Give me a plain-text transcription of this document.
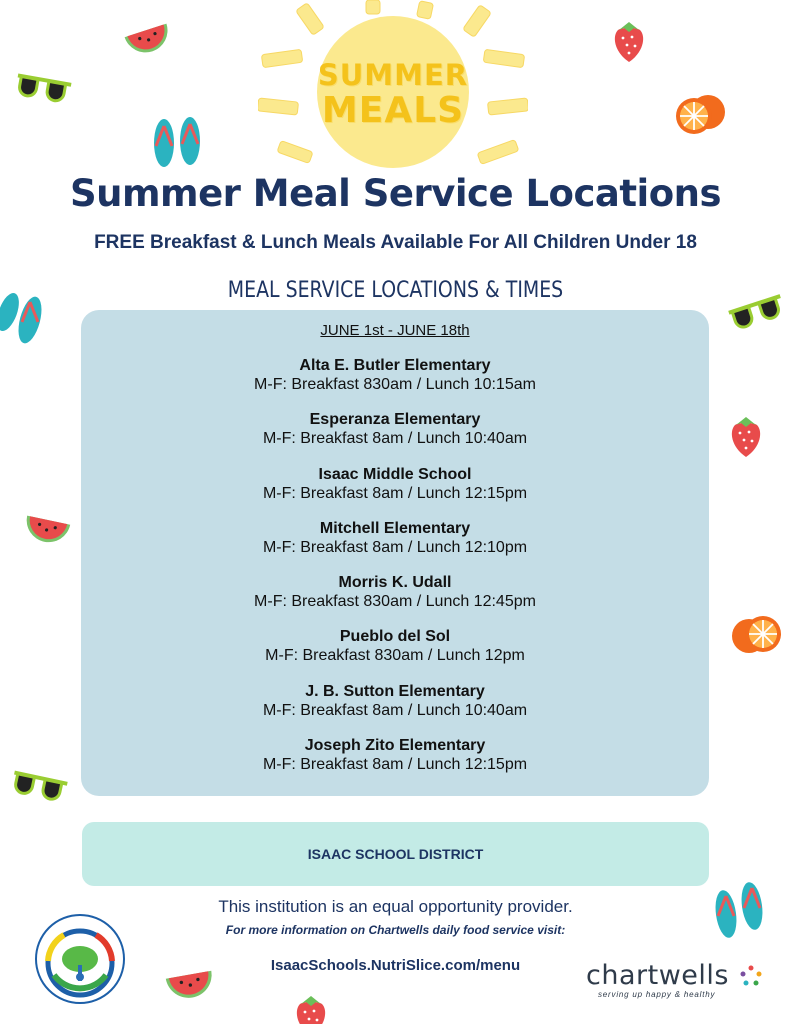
SUMMER
MEALS
Summer Meal Service Locations
FREE Breakfast & Lunch Meals Available For All Children Under 18
MEAL SERVICE LOCATIONS & TIMES
JUNE 1st - JUNE 18th
Alta E. Butler Elementary
M-F: Breakfast 830am / Lunch 10:15am
Esperanza Elementary
M-F: Breakfast 8am / Lunch 10:40am
Isaac Middle School
M-F: Breakfast 8am / Lunch 12:15pm
Mitchell Elementary
M-F: Breakfast 8am / Lunch 12:10pm
Morris K. Udall
M-F: Breakfast 830am / Lunch 12:45pm
Pueblo del Sol
M-F: Breakfast 830am / Lunch 12pm
J. B. Sutton Elementary
M-F: Breakfast 8am / Lunch 10:40am
Joseph Zito Elementary
M-F: Breakfast 8am / Lunch 12:15pm
ISAAC SCHOOL DISTRICT
This institution is an equal opportunity provider.
For more information on Chartwells daily food service visit:
IsaacSchools.NutriSlice.com/menu	chartwells
serving up happy & healthy
